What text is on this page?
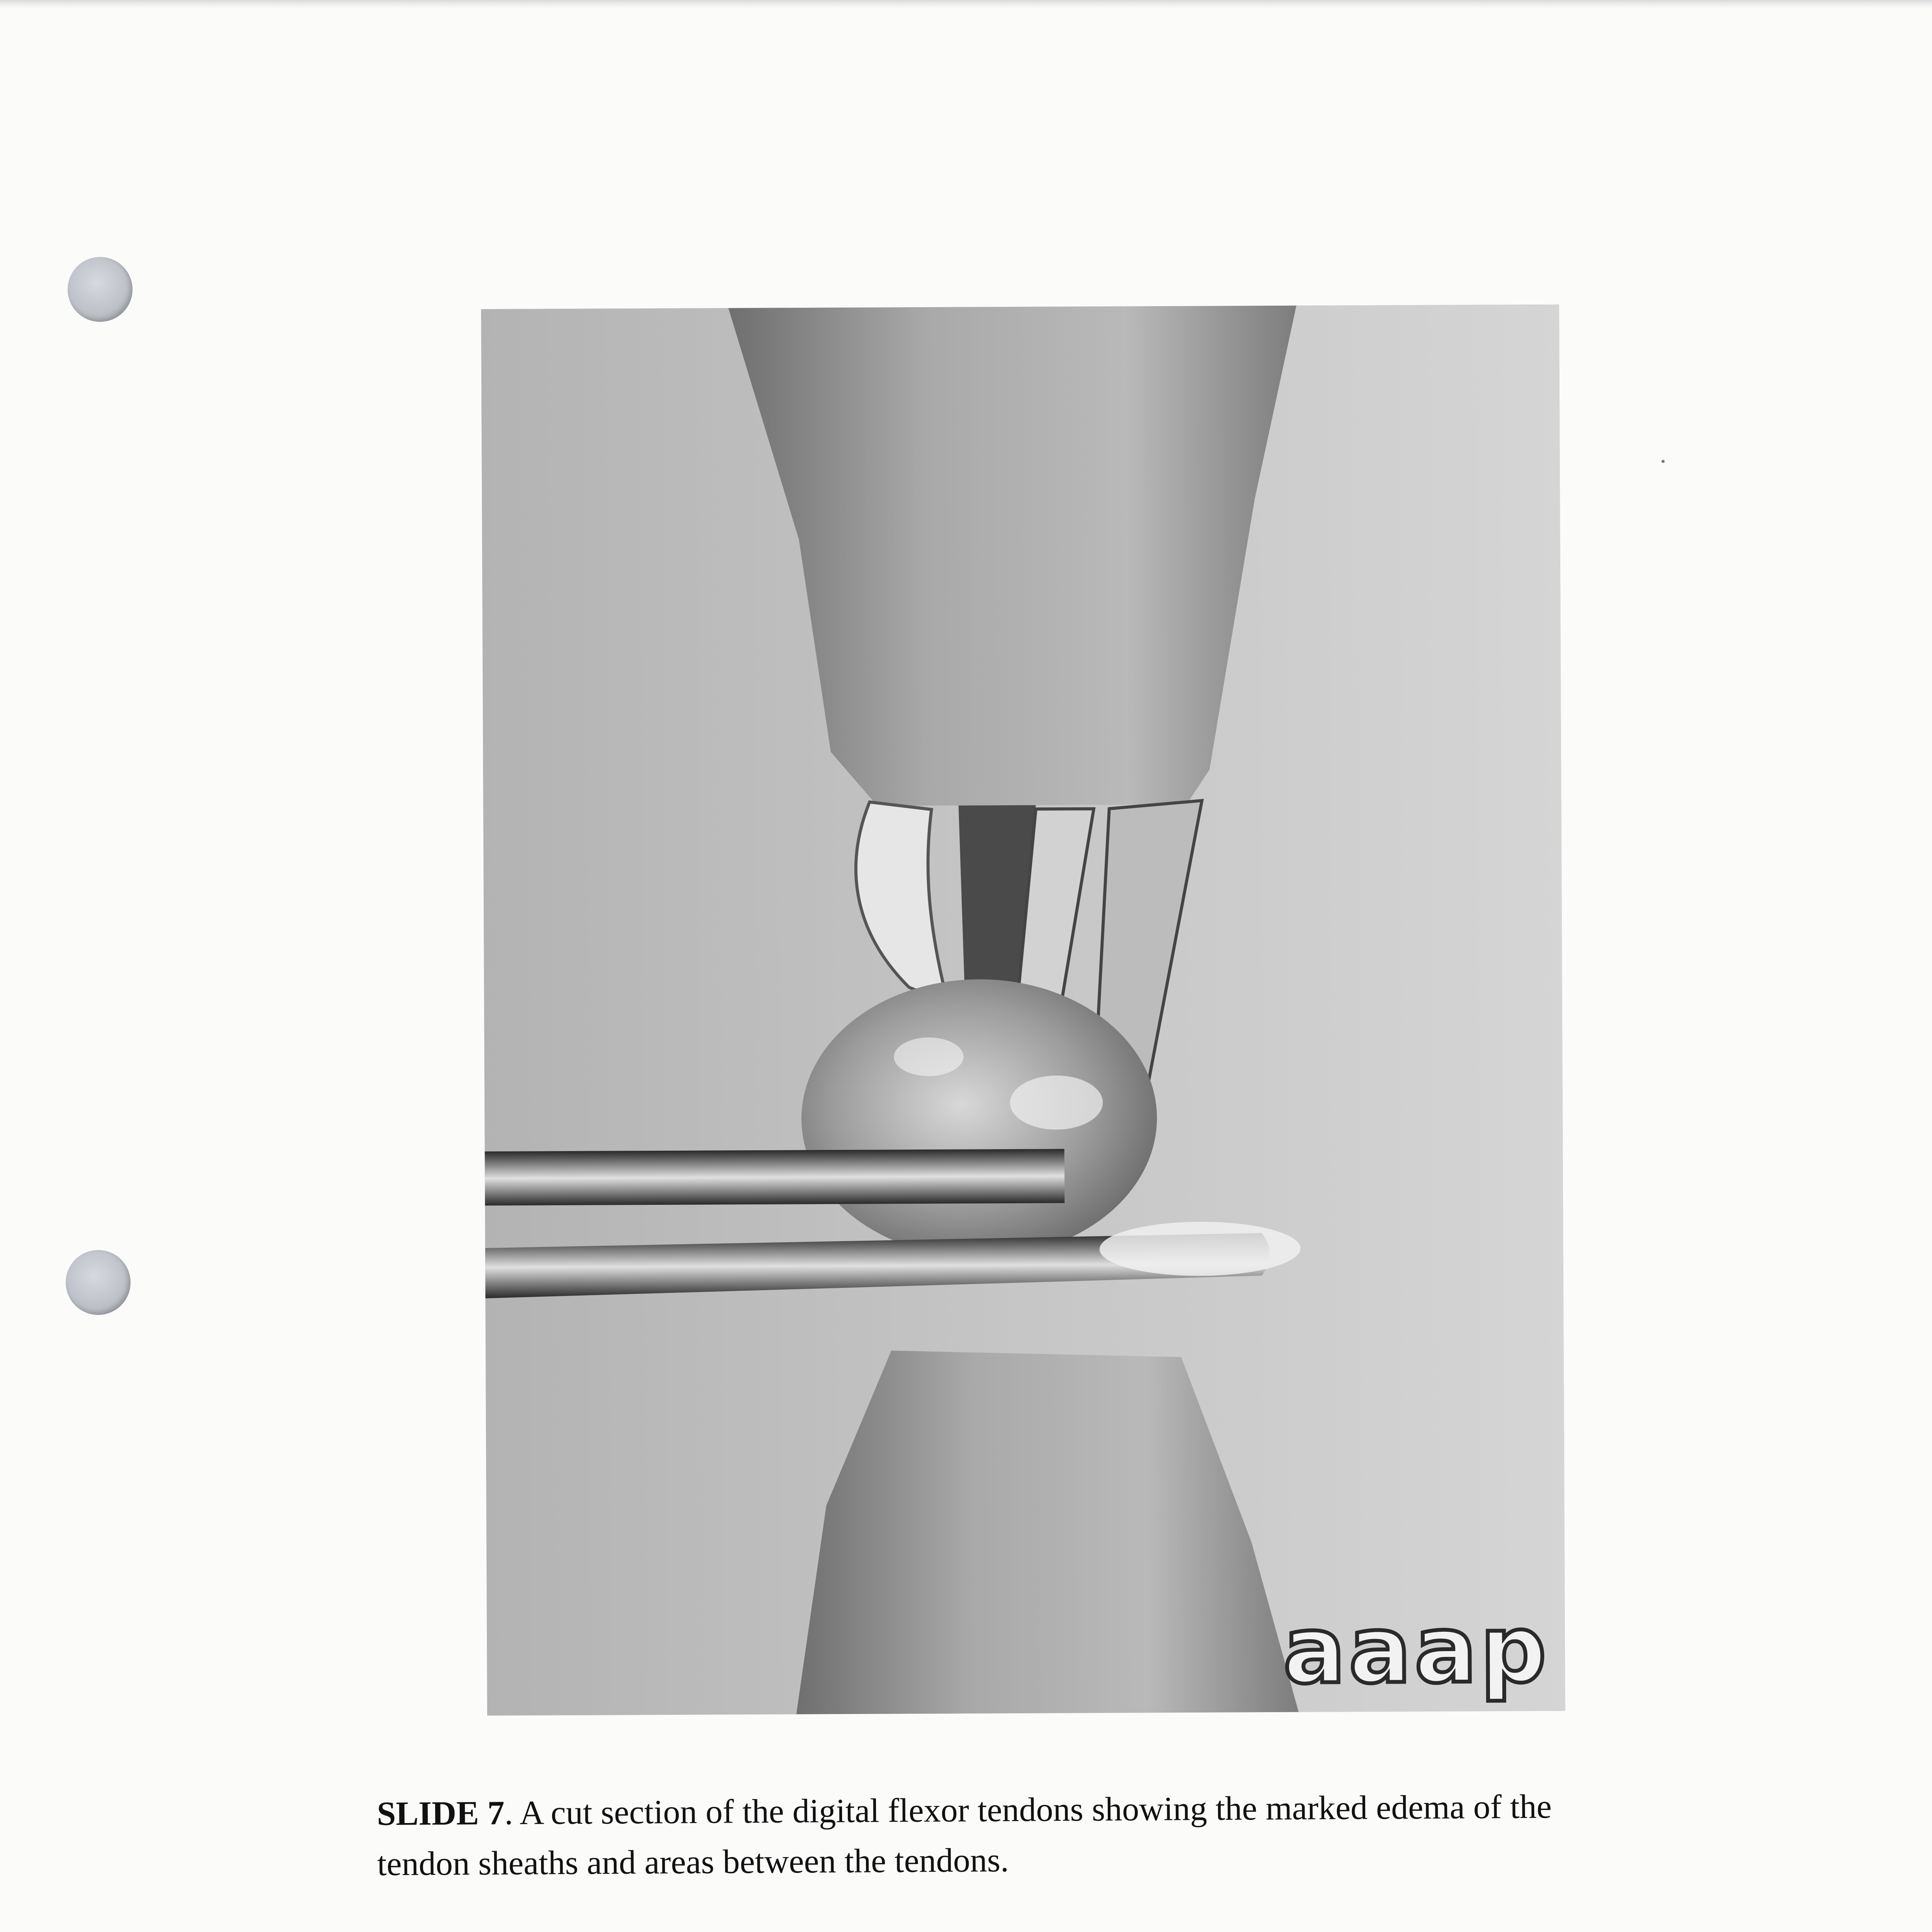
aaap
SLIDE 7. A cut section of the digital flexor tendons showing the marked edema of the tendon sheaths and areas between the tendons.
